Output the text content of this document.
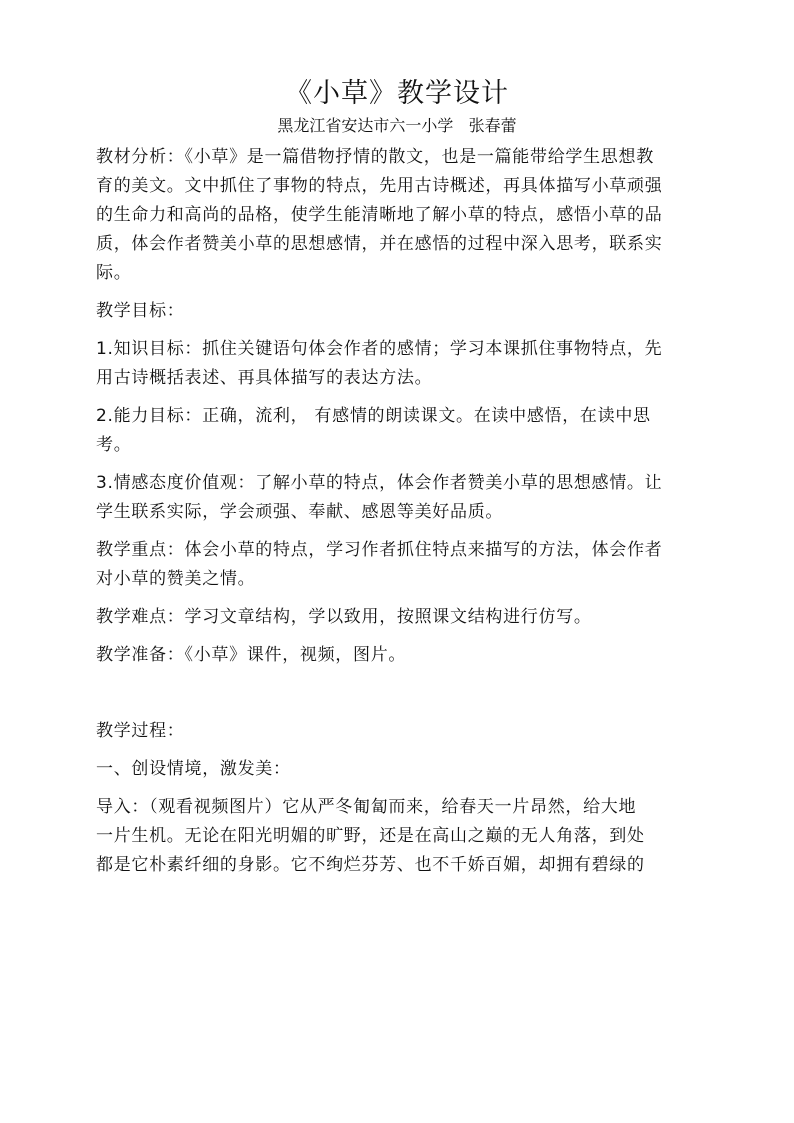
《小草》教学设计
黑龙江省安达市六一小学   张春蕾

教材分析：《小草》是一篇借物抒情的散文，也是一篇能带给学生思想教
育的美文。文中抓住了事物的特点，先用古诗概述，再具体描写小草顽强
的生命力和高尚的品格，使学生能清晰地了解小草的特点，感悟小草的品
质，体会作者赞美小草的思想感情，并在感悟的过程中深入思考，联系实
际。

教学目标：

1.知识目标：抓住关键语句体会作者的感情；学习本课抓住事物特点，先
用古诗概括表述、再具体描写的表达方法。

2.能力目标：正确，流利， 有感情的朗读课文。在读中感悟，在读中思
考。

3.情感态度价值观：了解小草的特点，体会作者赞美小草的思想感情。让
学生联系实际，学会顽强、奉献、感恩等美好品质。

教学重点：体会小草的特点，学习作者抓住特点来描写的方法，体会作者
对小草的赞美之情。

教学难点：学习文章结构，学以致用，按照课文结构进行仿写。

教学准备：《小草》课件，视频，图片。

教学过程：

一、创设情境，激发美：

导入：（观看视频图片）它从严冬匍匐而来，给春天一片昂然，给大地
一片生机。无论在阳光明媚的旷野，还是在高山之巅的无人角落，到处
都是它朴素纤细的身影。它不绚烂芬芳、也不千娇百媚，却拥有碧绿的
